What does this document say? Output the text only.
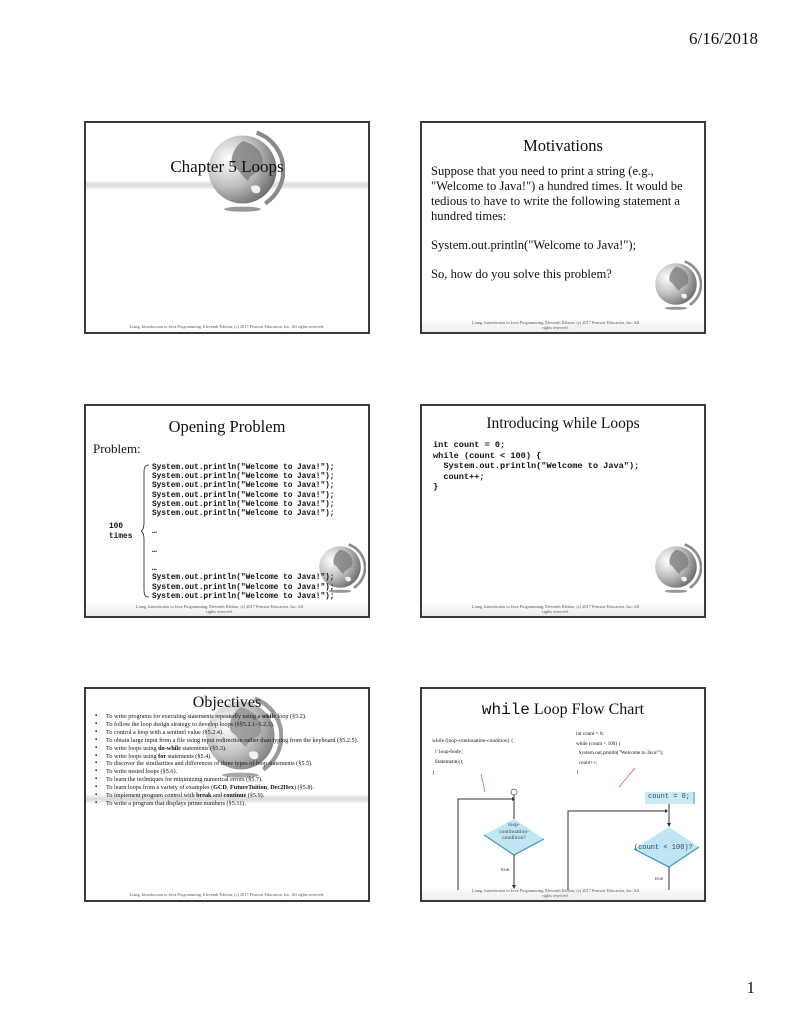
6/16/2018
Chapter 5 Loops
Liang, Introduction to Java Programming, Eleventh Edition, (c) 2017 Pearson Education, Inc. All rights reserved.
Motivations

Suppose that you need to print a string (e.g., "Welcome to Java!") a hundred times. It would be tedious to have to write the following statement a hundred times:

System.out.println("Welcome to Java!");

So, how do you solve this problem?

Liang, Introduction to Java Programming, Eleventh Edition, (c) 2017 Pearson Education, Inc. All rights reserved.
Opening Problem
Problem:
100
times
System.out.println("Welcome to Java!");
System.out.println("Welcome to Java!");
System.out.println("Welcome to Java!");
System.out.println("Welcome to Java!");
System.out.println("Welcome to Java!");
System.out.println("Welcome to Java!");

…

…

…
System.out.println("Welcome to Java!");
System.out.println("Welcome to Java!");
System.out.println("Welcome to Java!");
Liang, Introduction to Java Programming, Eleventh Edition, (c) 2017 Pearson Education, Inc. All rights reserved.
Introducing while Loops
int count = 0;
while (count < 100) {
System.out.println("Welcome to Java");
count++;
}
Liang, Introduction to Java Programming, Eleventh Edition, (c) 2017 Pearson Education, Inc. All rights reserved.
Objectives
▪ To write programs for executing statements repeatedly using a while loop (§5.2).
▪ To follow the loop design strategy to develop loops (§§5.2.1–5.2.3).
▪ To control a loop with a sentinel value (§5.2.4).
▪ To obtain large input from a file using input redirection rather than typing from the keyboard (§5.2.5).
▪ To write loops using do-while statements (§5.3).
▪ To write loops using for statements (§5.4).
▪ To discover the similarities and differences of three types of loop statements (§5.5).
▪ To write nested loops (§5.6).
▪ To learn the techniques for minimizing numerical errors (§5.7).
▪ To learn loops from a variety of examples (GCD, FutureTuition, Dec2Hex) (§5.8).
▪ To implement program control with break and continue (§5.9).
▪ To write a program that displays prime numbers (§5.11).
Liang, Introduction to Java Programming, Eleventh Edition, (c) 2017 Pearson Education, Inc. All rights reserved.
while Loop Flow Chart
while (loop-continuation-condition) {
// loop-body;
Statement(s);
}
int count = 0;
while (count < 100) {
System.out.println("Welcome to Java!");
count++;
}
loop-
continuation-
condition?
true
count = 0;
(count < 100)?
true
Liang, Introduction to Java Programming, Eleventh Edition, (c) 2017 Pearson Education, Inc. All rights reserved.
1
